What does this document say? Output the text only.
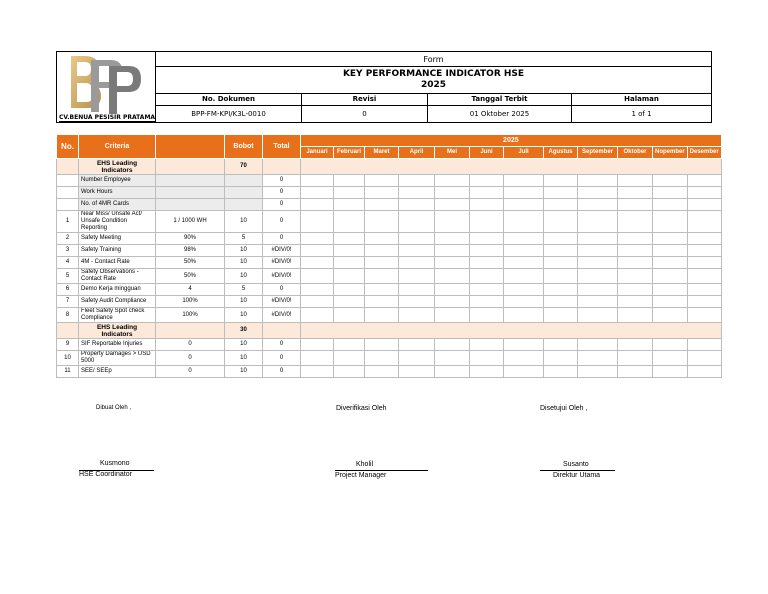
CV.BENUA PESISIR PRATAMA	Form			

	KEY PERFORMANCE INDICATOR HSE
2025			

	No. Dokumen	Revisi	Tanggal Terbit	Halaman
	BPP-FM-KPI/K3L-0010	0	01 Oktober 2025	1 of 1
No.	Criteria		Bobot	Total	2025											
					Januari	Februari	Maret	April	Mei	Juni	Juli	Agustus	September	Oktober	Nopember	Desember
	EHS Leading Indicators		70													
	Number Employee			0												
	Work Hours			0												
	No. of 4MR Cards			0												
1	Near Miss/ Unsafe Act/ Unsafe Condition Reporting	1 / 1000 WH	10	0												
2	Safety Meeting	90%	5	0												
3	Safety Training	98%	10	#DIV/0!												
4	4M - Contact Rate	50%	10	#DIV/0!												
5	Safety Observations - Contact Rate	50%	10	#DIV/0!												
6	Demo Kerja mingguan	4	5	0												
7	Safety Audit Compliance	100%	10	#DIV/0!												
8	Fleet Safety Spot check Compliance	100%	10	#DIV/0!												
	EHS Leading Indicators		30													
9	SIF Reportable Injuries	0	10	0												
10	Property Damages > USD 5000	0	10	0												
11	SEE/ SEEp	0	10	0												
Dibuat Oleh ,	Diverifikasi Oleh	Disetujui Oleh ,
Kusmono
HSE Coordinator
Kholil
Project Manager
Susanto
Direktur Utama
